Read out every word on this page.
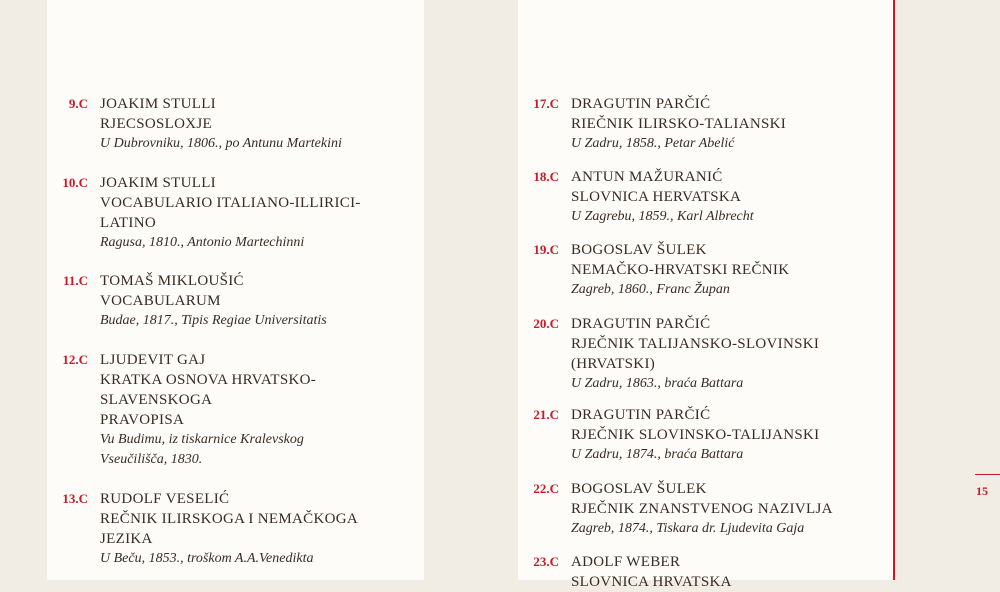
15
9.C JOAKIM STULLI
RJECSOSLOXJE
U Dubrovniku, 1806., po Antunu Martekini
10.C JOAKIM STULLI
VOCABULARIO ITALIANO-ILLIRICI-
LATINO
Ragusa, 1810., Antonio Martechinni
11.C TOMAŠ MIKLOUŠIĆ
VOCABULARUM
Budae, 1817., Tipis Regiae Universitatis
12.C LJUDEVIT GAJ
KRATKA OSNOVA HRVATSKO-
SLAVENSKOGA
PRAVOPISA
Vu Budimu, iz tiskarnice Kralevskog
Vseučilišča, 1830.
13.C RUDOLF VESELIĆ
REČNIK ILIRSKOGA I NEMAČKOGA
JEZIKA
U Beču, 1853., troškom A.A.Venedikta
17.C DRAGUTIN PARČIĆ
RIEČNIK ILIRSKO-TALIANSKI
U Zadru, 1858., Petar Abelić
18.C ANTUN MAŽURANIĆ
SLOVNICA HERVATSKA
U Zagrebu, 1859., Karl Albrecht
19.C BOGOSLAV ŠULEK
NEMAČKO-HRVATSKI REČNIK
Zagreb, 1860., Franc Župan
20.C DRAGUTIN PARČIĆ
RJEČNIK TALIJANSKO-SLOVINSKI
(HRVATSKI)
U Zadru, 1863., braća Battara
21.C DRAGUTIN PARČIĆ
RJEČNIK SLOVINSKO-TALIJANSKI
U Zadru, 1874., braća Battara
22.C BOGOSLAV ŠULEK
RJEČNIK ZNANSTVENOG NAZIVLJA
Zagreb, 1874., Tiskara dr. Ljudevita Gaja
23.C ADOLF WEBER
SLOVNICA HRVATSKA
